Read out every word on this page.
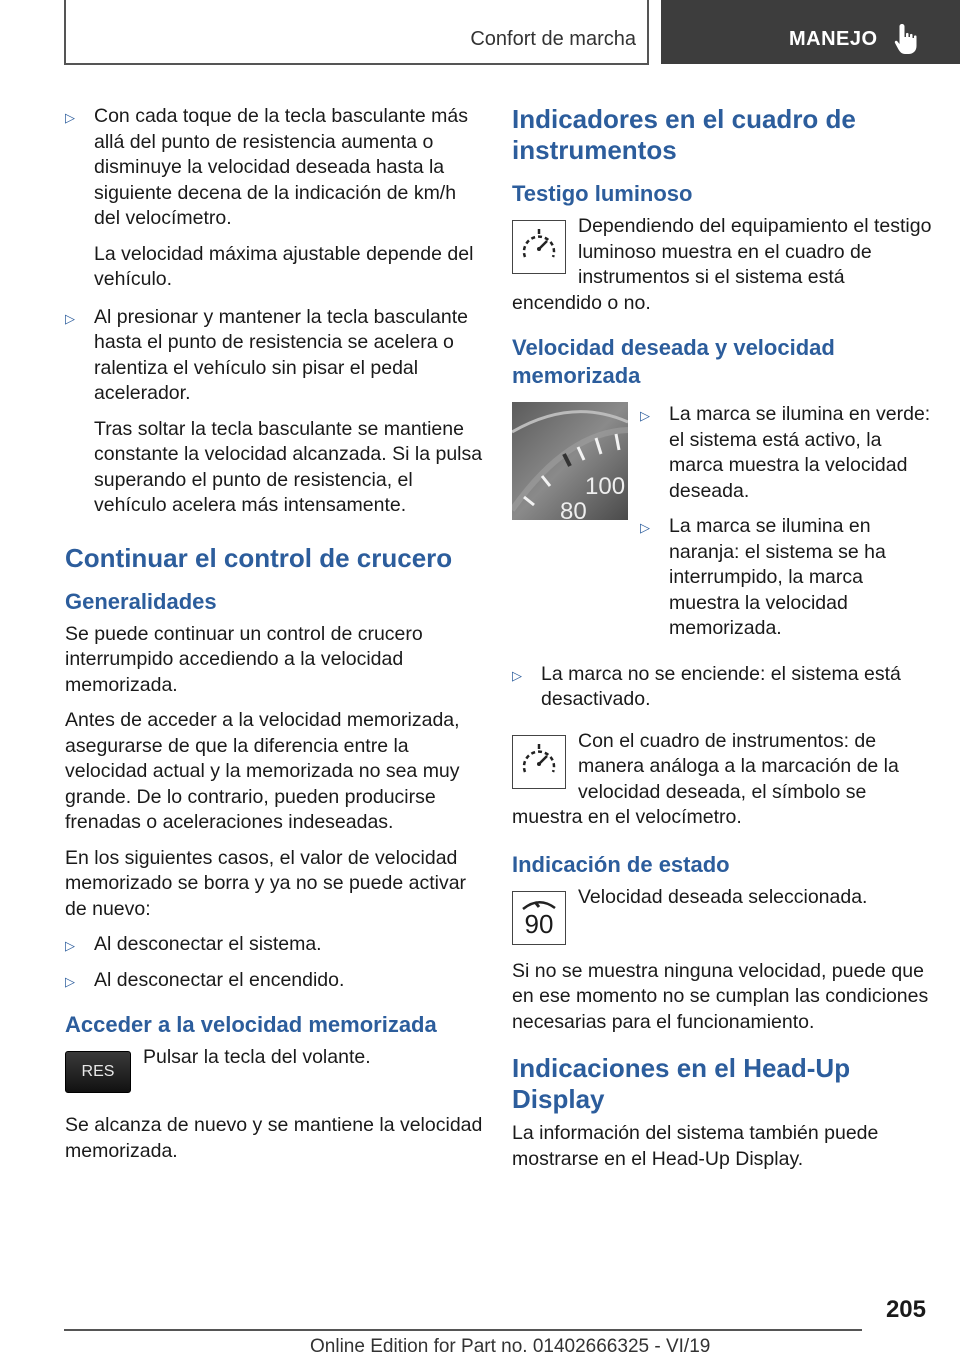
Confort de marcha	MANEJO
▷ Con cada toque de la tecla basculante más allá del punto de resistencia aumenta o disminuye la velocidad deseada hasta la siguiente decena de la indicación de km/h del velocímetro.

La velocidad máxima ajustable depende del vehículo.

▷ Al presionar y mantener la tecla basculante hasta el punto de resistencia se acelera o ralentiza el vehículo sin pisar el pedal acelerador.

Tras soltar la tecla basculante se mantiene constante la velocidad alcanzada. Si la pulsa superando el punto de resistencia, el vehículo acelera más intensamente.

Continuar el control de crucero
Generalidades

Se puede continuar un control de crucero interrumpido accediendo a la velocidad memorizada.

Antes de acceder a la velocidad memorizada, asegurarse de que la diferencia entre la velocidad actual y la memorizada no sea muy grande. De lo contrario, pueden producirse frenadas o aceleraciones indeseadas.

En los siguientes casos, el valor de velocidad memorizado se borra y ya no se puede activar de nuevo:

▷ Al desconectar el sistema.
▷ Al desconectar el encendido.
Acceder a la velocidad memorizada
RES
Pulsar la tecla del volante.

Se alcanza de nuevo y se mantiene la velocidad memorizada.

Indicadores en el cuadro de instrumentos
Testigo luminoso
Dependiendo del equipamiento el testigo luminoso muestra en el cuadro de instrumentos si el sistema está encendido o no.
Velocidad deseada y velocidad memorizada
100
80
▷ La marca se ilumina en verde: el sistema está activo, la marca muestra la velocidad deseada.
▷ La marca se ilumina en naranja: el sistema se ha interrumpido, la marca muestra la velocidad memorizada.
▷ La marca no se enciende: el sistema está desactivado.
Con el cuadro de instrumentos: de manera análoga a la marcación de la velocidad deseada, el símbolo se muestra en el velocímetro.
Indicación de estado
90
Velocidad deseada seleccionada.

Si no se muestra ninguna velocidad, puede que en ese momento no se cumplan las condiciones necesarias para el funcionamiento.

Indicaciones en el Head-Up Display

La información del sistema también puede mostrarse en el Head-Up Display.

205
Online Edition for Part no. 01402666325 - VI/19
